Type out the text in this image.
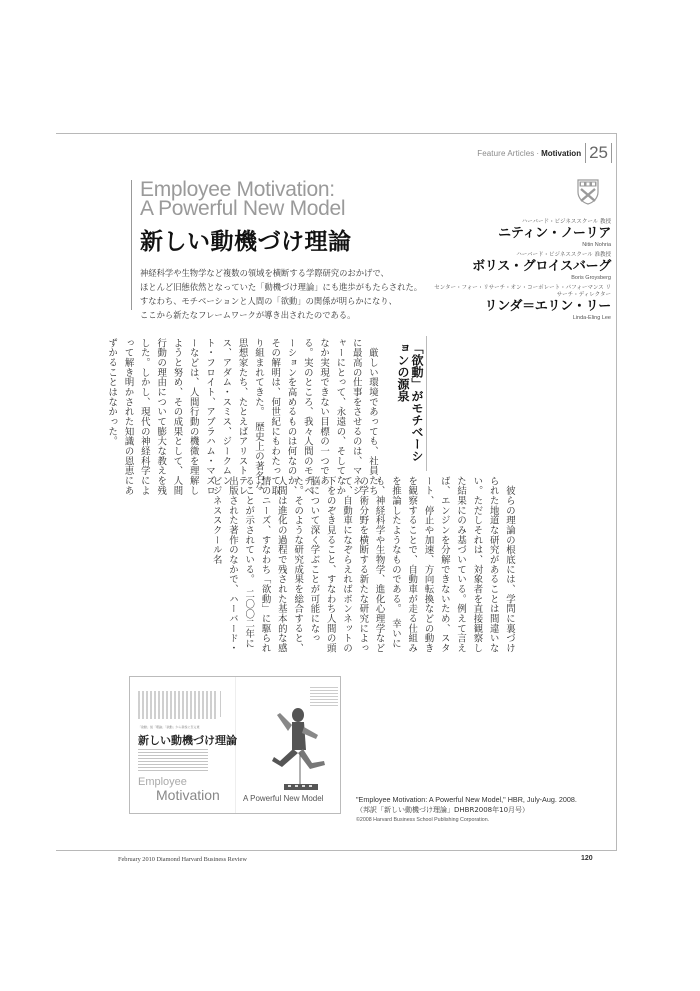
Feature Articles · Motivation 25
Employee Motivation:
A Powerful New Model
新しい動機づけ理論
神経科学や生物学など複数の領域を横断する学際研究のおかげで、
ほとんど旧態依然となっていた「動機づけ理論」にも進歩がもたらされた。
すなわち、モチベーションと人間の「欲動」の関係が明らかになり、
ここから新たなフレームワークが導き出されたのである。
ハーバード・ビジネススクール 教授
ニティン・ノーリア
Nitin Nohria
ハーバード・ビジネススクール 准教授
ボリス・グロイスバーグ
Boris Groysberg
センター・フォー・リサーチ・オン・コーポレート・パフォーマンス リサーチ・ディレクター
リンダ＝エリン・リー
Linda-Eling Lee
「欲動」がモチベーションの源泉
　厳しい環境であっても、社員たちに最高の仕事をさせるのは、マネジャーにとって、永遠の、そしてなかなか実現できない目標の一つである。実のところ、我々人間のモチベーションを高めるものは何なのか、その解明は、何世紀にもわたって取り組まれてきた。　歴史上の著名な思想家たち、たとえばアリストテレス、アダム・スミス、ジークムント・フロイト、アブラハム・マズローなどは、人間行動の機微を理解しようと努め、その成果として、人間行動の理由について膨大な教えを残した。しかし、現代の神経科学によって解き明かされた知識の恩恵にあずかることはなかった。
　彼らの理論の根底には、学問に裏づけられた地道な研究があることは間違いない。ただしそれは、対象者を直接観察した結果にのみ基づいている。例えて言えば、エンジンを分解できないため、スタート、停止や加速、方向転換などの動きを観察することで、自動車が走る仕組みを推論したようなものである。　幸いにも、神経科学や生物学、進化心理学などの学術分野を横断する新たな研究によって、自動車になぞらえればボンネットの下をのぞき見ること、すなわち人間の頭脳について深く学ぶことが可能になった。そのような研究成果を総合すると、人間は進化の過程で残された基本的な感情のニーズ、すなわち「欲動」に駆られることが示されている。　二〇〇二年に出版された著作のなかで、ハーバード・ビジネススクール名
「欲動」説「理論」「欲動」から新説に至る道
新しい動機づけ理論
Employee
Motivation	A Powerful New Model	"Employee Motivation: A Powerful New Model," HBR, July-Aug. 2008.
（邦訳「新しい動機づけ理論」DHBR2008年10月号）
©2008 Harvard Business School Publishing Corporation.
February 2010 Diamond Harvard Business Review	120
